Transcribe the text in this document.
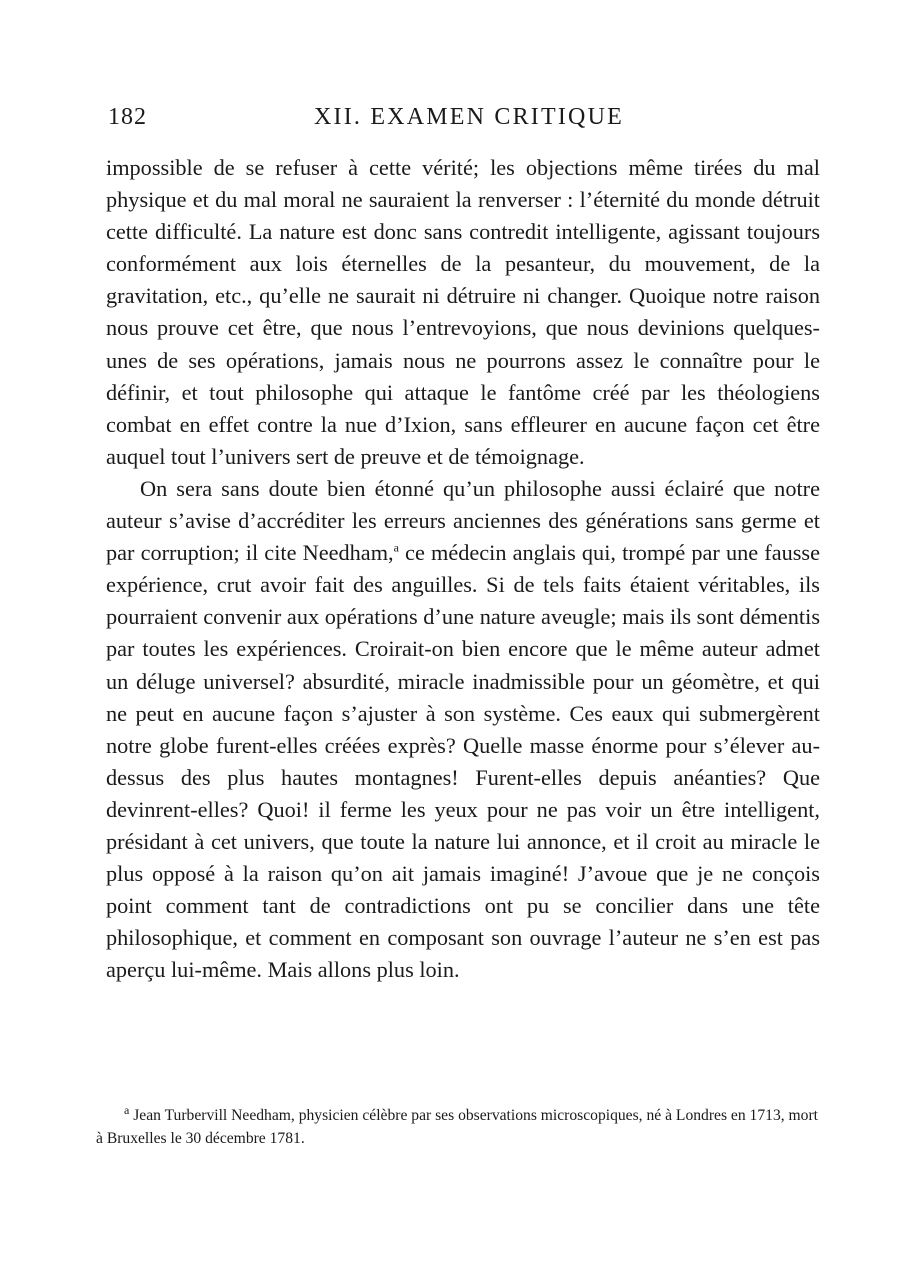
182	XII. EXAMEN CRITIQUE

impossible de se refuser à cette vérité; les objections même tirées du mal physique et du mal moral ne sauraient la renverser : l’éternité du monde détruit cette difficulté. La nature est donc sans contredit intelligente, agissant toujours conformément aux lois éternelles de la pesanteur, du mouvement, de la gravitation, etc., qu’elle ne saurait ni détruire ni changer. Quoique notre raison nous prouve cet être, que nous l’entrevoyions, que nous devinions quelques-unes de ses opérations, jamais nous ne pourrons assez le connaître pour le définir, et tout philosophe qui attaque le fantôme créé par les théologiens combat en effet contre la nue d’Ixion, sans effleurer en aucune façon cet être auquel tout l’univers sert de preuve et de témoignage.

On sera sans doute bien étonné qu’un philosophe aussi éclairé que notre auteur s’avise d’accréditer les erreurs anciennes des générations sans germe et par corruption; il cite Needham,$^a$ ce médecin anglais qui, trompé par une fausse expérience, crut avoir fait des anguilles. Si de tels faits étaient véritables, ils pourraient convenir aux opérations d’une nature aveugle; mais ils sont démentis par toutes les expériences. Croirait-on bien encore que le même auteur admet un déluge universel? absurdité, miracle inadmissible pour un géomètre, et qui ne peut en aucune façon s’ajuster à son système. Ces eaux qui submergèrent notre globe furent-elles créées exprès? Quelle masse énorme pour s’élever au-dessus des plus hautes montagnes! Furent-elles depuis anéanties? Que devinrent-elles? Quoi! il ferme les yeux pour ne pas voir un être intelligent, présidant à cet univers, que toute la nature lui annonce, et il croit au miracle le plus opposé à la raison qu’on ait jamais imaginé! J’avoue que je ne conçois point comment tant de contradictions ont pu se concilier dans une tête philosophique, et comment en composant son ouvrage l’auteur ne s’en est pas aperçu lui-même. Mais allons plus loin.

$^a$ Jean Turbervill Needham, physicien célèbre par ses observations microscopiques, né à Londres en 1713, mort à Bruxelles le 30 décembre 1781.
